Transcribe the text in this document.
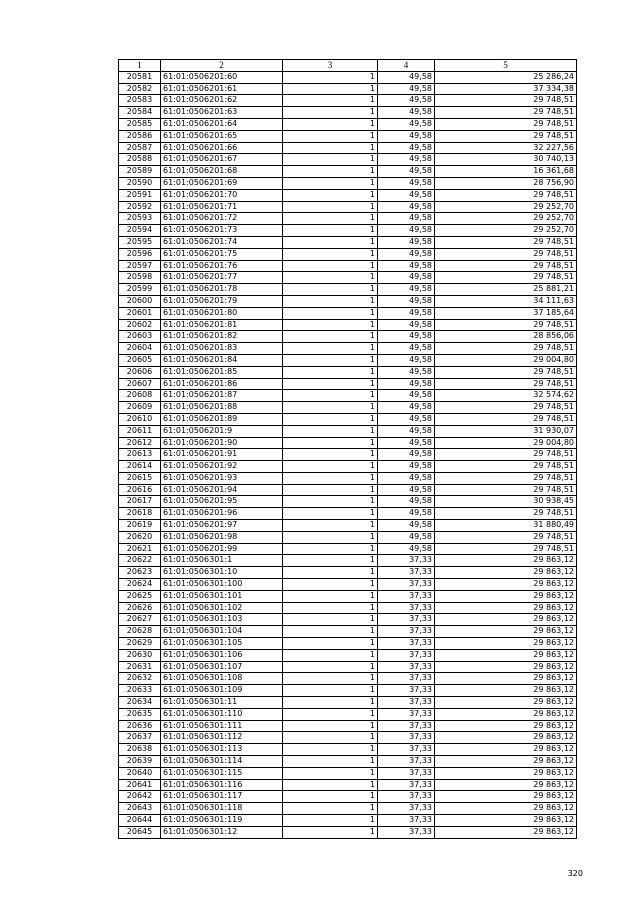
1	2	3	4	5
20581	61:01:0506201:60	1	49,58	25 286,24
20582	61:01:0506201:61	1	49,58	37 334,38
20583	61:01:0506201:62	1	49,58	29 748,51
20584	61:01:0506201:63	1	49,58	29 748,51
20585	61:01:0506201:64	1	49,58	29 748,51
20586	61:01:0506201:65	1	49,58	29 748,51
20587	61:01:0506201:66	1	49,58	32 227,56
20588	61:01:0506201:67	1	49,58	30 740,13
20589	61:01:0506201:68	1	49,58	16 361,68
20590	61:01:0506201:69	1	49,58	28 756,90
20591	61:01:0506201:70	1	49,58	29 748,51
20592	61:01:0506201:71	1	49,58	29 252,70
20593	61:01:0506201:72	1	49,58	29 252,70
20594	61:01:0506201:73	1	49,58	29 252,70
20595	61:01:0506201:74	1	49,58	29 748,51
20596	61:01:0506201:75	1	49,58	29 748,51
20597	61:01:0506201:76	1	49,58	29 748,51
20598	61:01:0506201:77	1	49,58	29 748,51
20599	61:01:0506201:78	1	49,58	25 881,21
20600	61:01:0506201:79	1	49,58	34 111,63
20601	61:01:0506201:80	1	49,58	37 185,64
20602	61:01:0506201:81	1	49,58	29 748,51
20603	61:01:0506201:82	1	49,58	28 856,06
20604	61:01:0506201:83	1	49,58	29 748,51
20605	61:01:0506201:84	1	49,58	29 004,80
20606	61:01:0506201:85	1	49,58	29 748,51
20607	61:01:0506201:86	1	49,58	29 748,51
20608	61:01:0506201:87	1	49,58	32 574,62
20609	61:01:0506201:88	1	49,58	29 748,51
20610	61:01:0506201:89	1	49,58	29 748,51
20611	61:01:0506201:9	1	49,58	31 930,07
20612	61:01:0506201:90	1	49,58	29 004,80
20613	61:01:0506201:91	1	49,58	29 748,51
20614	61:01:0506201:92	1	49,58	29 748,51
20615	61:01:0506201:93	1	49,58	29 748,51
20616	61:01:0506201:94	1	49,58	29 748,51
20617	61:01:0506201:95	1	49,58	30 938,45
20618	61:01:0506201:96	1	49,58	29 748,51
20619	61:01:0506201:97	1	49,58	31 880,49
20620	61:01:0506201:98	1	49,58	29 748,51
20621	61:01:0506201:99	1	49,58	29 748,51
20622	61:01:0506301:1	1	37,33	29 863,12
20623	61:01:0506301:10	1	37,33	29 863,12
20624	61:01:0506301:100	1	37,33	29 863,12
20625	61:01:0506301:101	1	37,33	29 863,12
20626	61:01:0506301:102	1	37,33	29 863,12
20627	61:01:0506301:103	1	37,33	29 863,12
20628	61:01:0506301:104	1	37,33	29 863,12
20629	61:01:0506301:105	1	37,33	29 863,12
20630	61:01:0506301:106	1	37,33	29 863,12
20631	61:01:0506301:107	1	37,33	29 863,12
20632	61:01:0506301:108	1	37,33	29 863,12
20633	61:01:0506301:109	1	37,33	29 863,12
20634	61:01:0506301:11	1	37,33	29 863,12
20635	61:01:0506301:110	1	37,33	29 863,12
20636	61:01:0506301:111	1	37,33	29 863,12
20637	61:01:0506301:112	1	37,33	29 863,12
20638	61:01:0506301:113	1	37,33	29 863,12
20639	61:01:0506301:114	1	37,33	29 863,12
20640	61:01:0506301:115	1	37,33	29 863,12
20641	61:01:0506301:116	1	37,33	29 863,12
20642	61:01:0506301:117	1	37,33	29 863,12
20643	61:01:0506301:118	1	37,33	29 863,12
20644	61:01:0506301:119	1	37,33	29 863,12
20645	61:01:0506301:12	1	37,33	29 863,12
320
